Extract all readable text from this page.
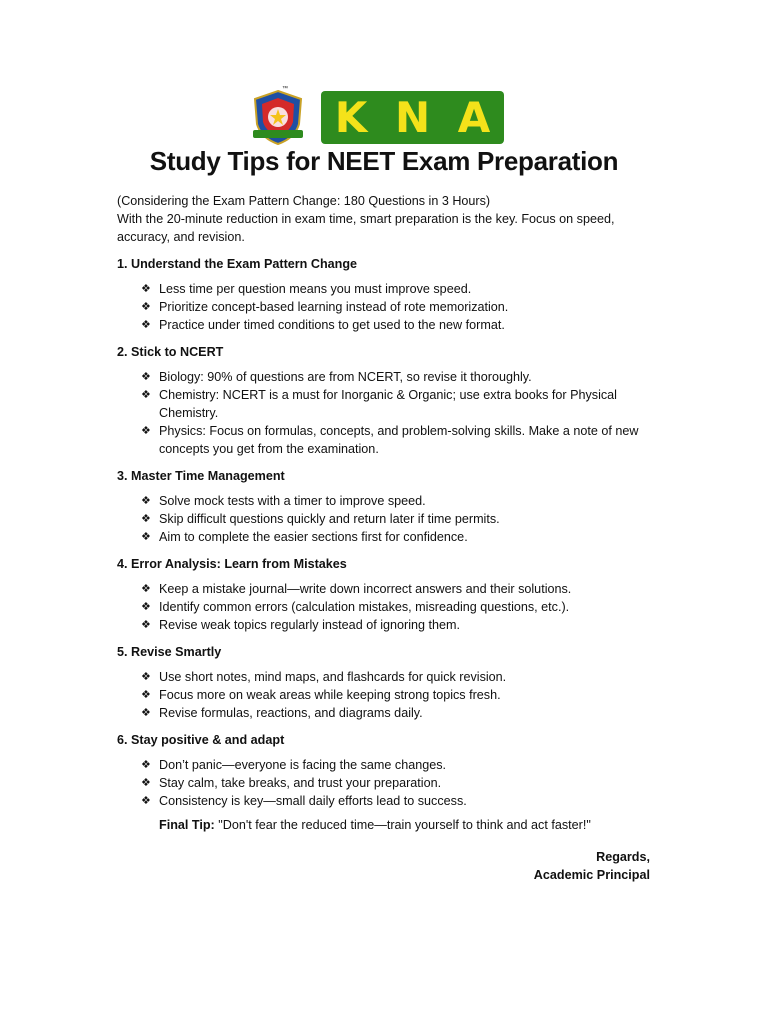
™
K N A
Study Tips for NEET Exam Preparation

(Considering the Exam Pattern Change: 180 Questions in 3 Hours)

With the 20-minute reduction in exam time, smart preparation is the key. Focus on speed, accuracy, and revision.

1. Understand the Exam Pattern Change
❖ Less time per question means you must improve speed.
❖ Prioritize concept-based learning instead of rote memorization.
❖ Practice under timed conditions to get used to the new format.
2. Stick to NCERT
❖ Biology: 90% of questions are from NCERT, so revise it thoroughly.
❖ Chemistry: NCERT is a must for Inorganic & Organic; use extra books for Physical Chemistry.
❖ Physics: Focus on formulas, concepts, and problem-solving skills. Make a note of new concepts you get from the examination.
3. Master Time Management
❖ Solve mock tests with a timer to improve speed.
❖ Skip difficult questions quickly and return later if time permits.
❖ Aim to complete the easier sections first for confidence.
4. Error Analysis: Learn from Mistakes
❖ Keep a mistake journal—write down incorrect answers and their solutions.
❖ Identify common errors (calculation mistakes, misreading questions, etc.).
❖ Revise weak topics regularly instead of ignoring them.
5. Revise Smartly
❖ Use short notes, mind maps, and flashcards for quick revision.
❖ Focus more on weak areas while keeping strong topics fresh.
❖ Revise formulas, reactions, and diagrams daily.
6. Stay positive & and adapt
❖ Don’t panic—everyone is facing the same changes.
❖ Stay calm, take breaks, and trust your preparation.
❖ Consistency is key—small daily efforts lead to success.

Final Tip: "Don't fear the reduced time—train yourself to think and act faster!"

Regards,
Academic Principal
